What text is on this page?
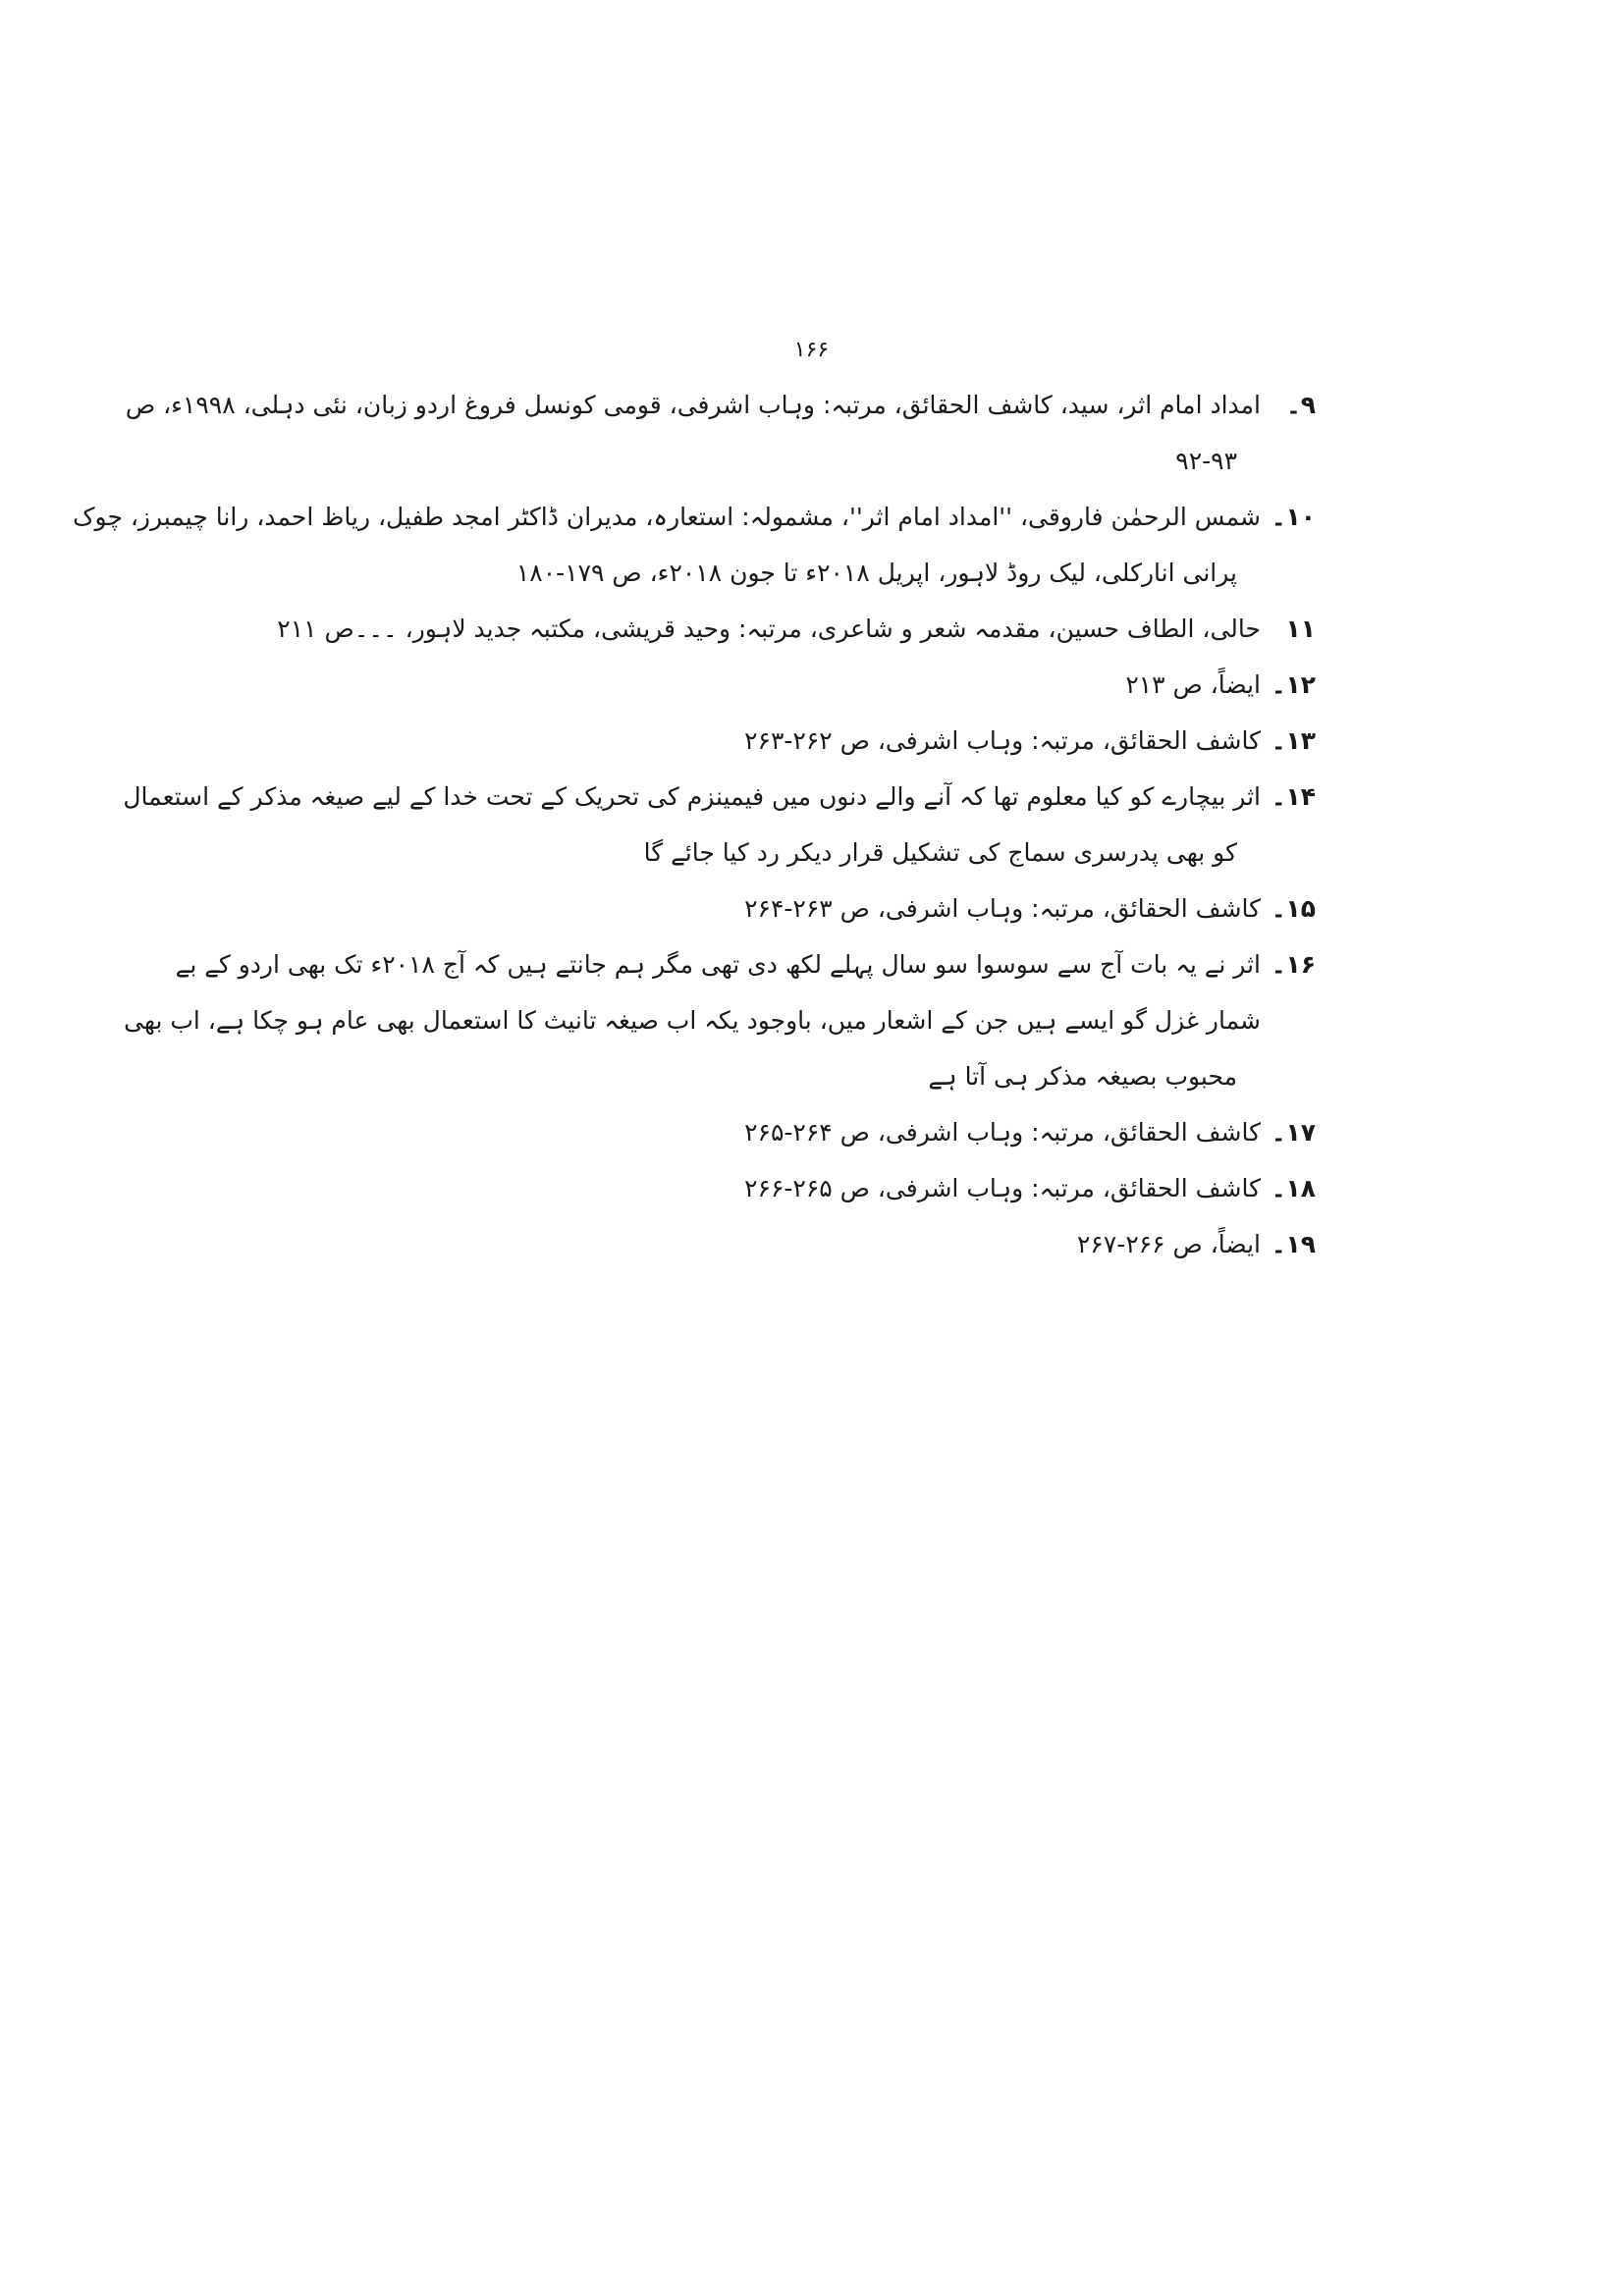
۱۶۶
۹۔
امداد امام اثر، سید، کاشف الحقائق، مرتبہ: وہاب اشرفی، قومی کونسل فروغ اردو زبان، نئی دہلی، ۱۹۹۸ء، ص
۹۲-۹۳
۱۰۔
شمس الرحمٰن فاروقی، ''امداد امام اثر''، مشمولہ: استعارہ، مدیران ڈاکٹر امجد طفیل، ریاظ احمد، رانا چیمبرز، چوک
پرانی انارکلی، لیک روڈ لاہور، اپریل ۲۰۱۸ء تا جون ۲۰۱۸ء، ص ۱۷۹-۱۸۰
۱۱
حالی، الطاف حسین، مقدمہ شعر و شاعری، مرتبہ: وحید قریشی، مکتبہ جدید لاہور، ۔۔۔ص ۲۱۱
۱۲۔
ایضاً، ص ۲۱۳
۱۳۔
کاشف الحقائق، مرتبہ: وہاب اشرفی، ص ۲۶۲-۲۶۳
۱۴۔
اثر بیچارے کو کیا معلوم تھا کہ آنے والے دنوں میں فیمینزم کی تحریک کے تحت خدا کے لیے صیغہ مذکر کے استعمال
کو بھی پدرسری سماج کی تشکیل قرار دیکر رد کیا جائے گا
۱۵۔
کاشف الحقائق، مرتبہ: وہاب اشرفی، ص ۲۶۳-۲۶۴
۱۶۔
اثر نے یہ بات آج سے سوسوا سو سال پہلے لکھ دی تھی مگر ہم جانتے ہیں کہ آج ۲۰۱۸ء تک بھی اردو کے بے
شمار غزل گو ایسے ہیں جن کے اشعار میں، باوجود یکہ اب صیغہ تانیث کا استعمال بھی عام ہو چکا ہے، اب بھی
محبوب بصیغہ مذکر ہی آتا ہے
۱۷۔
کاشف الحقائق، مرتبہ: وہاب اشرفی، ص ۲۶۴-۲۶۵
۱۸۔
کاشف الحقائق، مرتبہ: وہاب اشرفی، ص ۲۶۵-۲۶۶
۱۹۔
ایضاً، ص ۲۶۶-۲۶۷
